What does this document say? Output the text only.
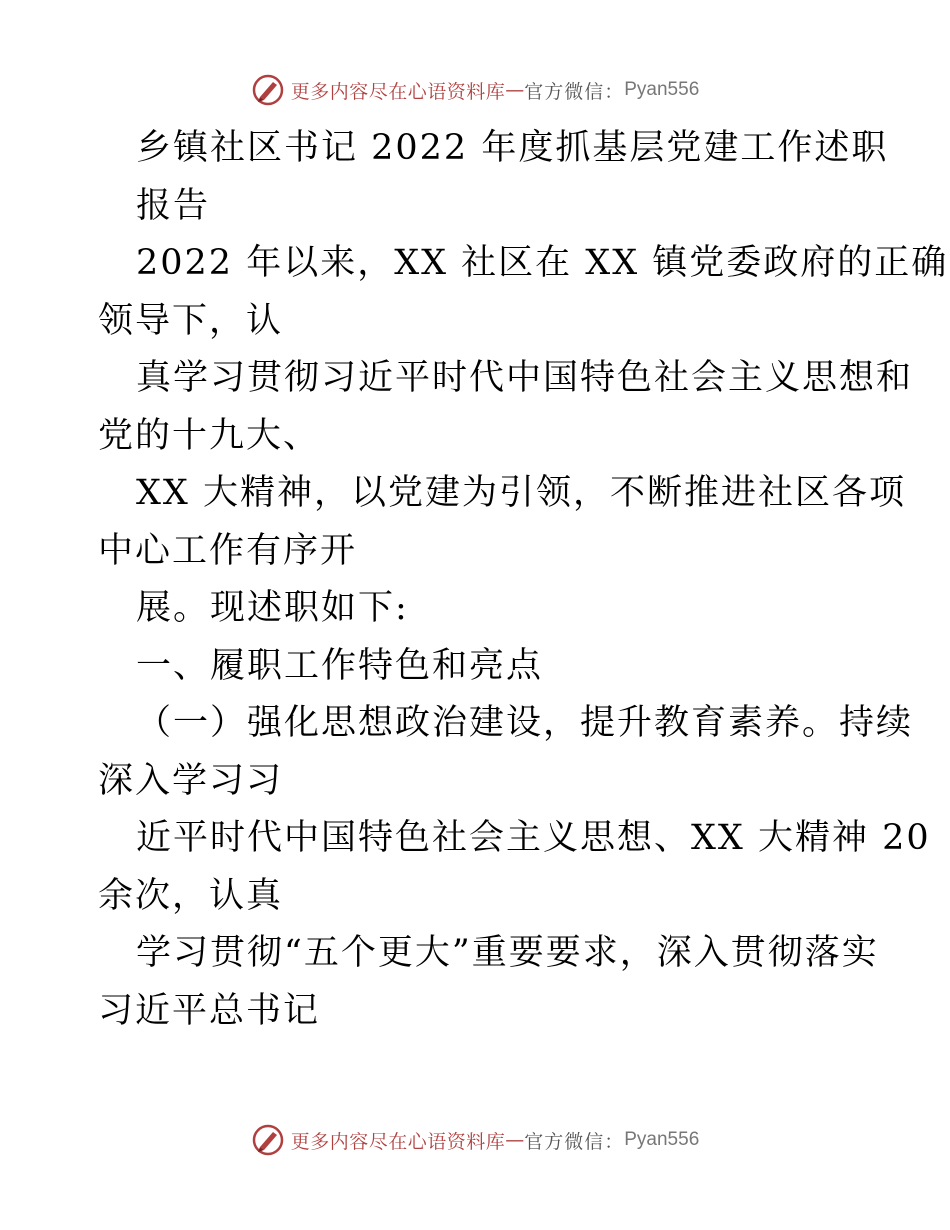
更多内容尽在心语资料库 — 官方微信： Pyan556
乡镇社区书记 2022 年度抓基层党建工作述职
报告
2022 年以来，XX 社区在 XX 镇党委政府的正确
领导下，认
真学习贯彻习近平时代中国特色社会主义思想和
党的十九大、
XX 大精神，以党建为引领，不断推进社区各项
中心工作有序开
展。现述职如下:
一、履职工作特色和亮点
（一）强化思想政治建设，提升教育素养。持续
深入学习习
近平时代中国特色社会主义思想、XX 大精神 20
余次，认真
学习贯彻“五个更大”重要要求，深入贯彻落实
习近平总书记
更多内容尽在心语资料库 — 官方微信： Pyan556
